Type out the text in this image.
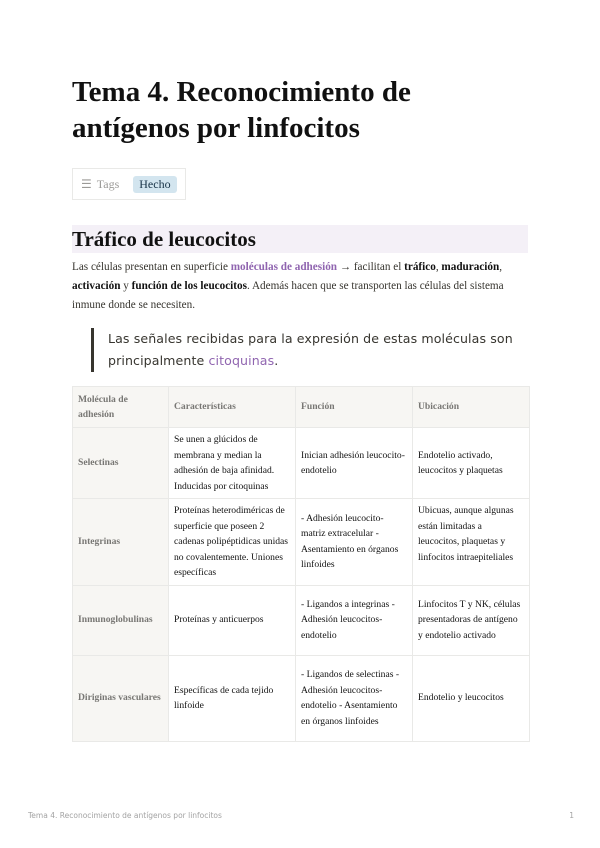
Tema 4. Reconocimiento de antígenos por linfocitos
☰ Tags	Hecho
Tráfico de leucocitos

Las células presentan en superficie moléculas de adhesión → facilitan el tráfico, maduración, activación y función de los leucocitos. Además hacen que se transporten las células del sistema inmune donde se necesiten.

Las señales recibidas para la expresión de estas moléculas son principalmente citoquinas.
Molécula de adhesión	Características	Función	Ubicación
Selectinas	Se unen a glúcidos de membrana y median la adhesión de baja afinidad. Inducidas por citoquinas	Inician adhesión leucocito-endotelio	Endotelio activado, leucocitos y plaquetas
Integrinas	Proteínas heterodiméricas de superficie que poseen 2 cadenas polipéptidicas unidas no covalentemente. Uniones específicas	- Adhesión leucocito-matriz extracelular - Asentamiento en órganos linfoides	Ubicuas, aunque algunas están limitadas a leucocitos, plaquetas y linfocitos intraepiteliales
Inmunoglobulinas	Proteínas y anticuerpos	- Ligandos a integrinas - Adhesión leucocitos-endotelio	Linfocitos T y NK, células presentadoras de antígeno y endotelio activado
Diriginas vasculares	Específicas de cada tejido linfoide	- Ligandos de selectinas - Adhesión leucocitos-endotelio - Asentamiento en órganos linfoides	Endotelio y leucocitos
Tema 4. Reconocimiento de antígenos por linfocitos	1
